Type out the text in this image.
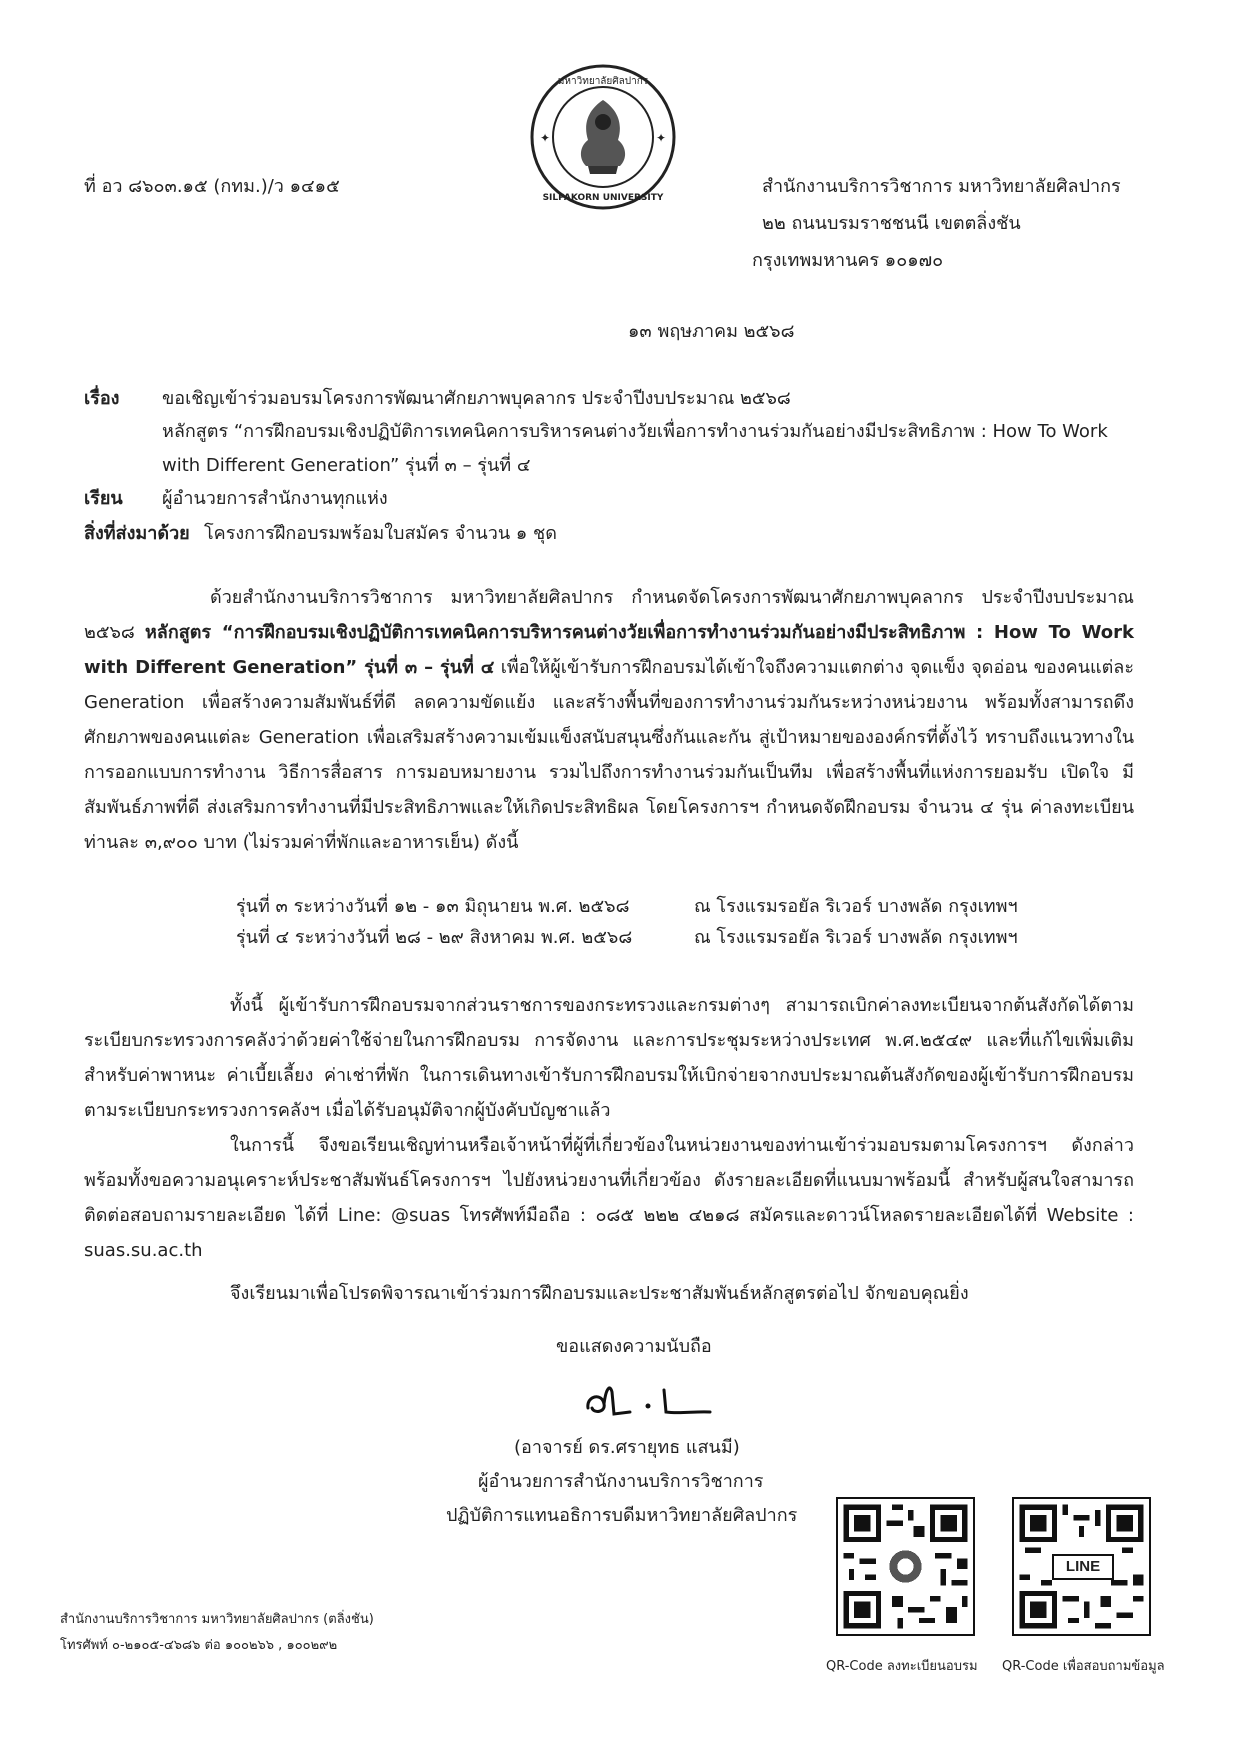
มหาวิทยาลัยศิลปากร
SILPAKORN UNIVERSITY
✦	✦
ที่ อว ๘๖๐๓.๑๕ (กทม.)/ว ๑๔๑๕	สำนักงานบริการวิชาการ มหาวิทยาลัยศิลปากร
๒๒ ถนนบรมราชชนนี เขตตลิ่งชัน
กรุงเทพมหานคร ๑๐๑๗๐
๑๓ พฤษภาคม ๒๕๖๘
เรื่อง ขอเชิญเข้าร่วมอบรมโครงการพัฒนาศักยภาพบุคลากร ประจำปีงบประมาณ ๒๕๖๘
หลักสูตร “การฝึกอบรมเชิงปฏิบัติการเทคนิคการบริหารคนต่างวัยเพื่อการทำงานร่วมกันอย่างมีประสิทธิภาพ : How To Work
with Different Generation” รุ่นที่ ๓ – รุ่นที่ ๔
เรียน ผู้อำนวยการสำนักงานทุกแห่ง
สิ่งที่ส่งมาด้วย โครงการฝึกอบรมพร้อมใบสมัคร จำนวน ๑ ชุด

ด้วยสำนักงานบริการวิชาการ มหาวิทยาลัยศิลปากร กำหนดจัดโครงการพัฒนาศักยภาพบุคลากร ประจำปีงบประมาณ ๒๕๖๘ หลักสูตร “การฝึกอบรมเชิงปฏิบัติการเทคนิคการบริหารคนต่างวัยเพื่อการทำงานร่วมกันอย่างมีประสิทธิภาพ : How To Work with Different Generation” รุ่นที่ ๓ – รุ่นที่ ๔ เพื่อให้ผู้เข้ารับการฝึกอบรมได้เข้าใจถึงความแตกต่าง จุดแข็ง จุดอ่อน ของคนแต่ละ Generation เพื่อสร้างความสัมพันธ์ที่ดี ลดความขัดแย้ง และสร้างพื้นที่ของการทำงานร่วมกันระหว่างหน่วยงาน พร้อมทั้งสามารถดึงศักยภาพของคนแต่ละ Generation เพื่อเสริมสร้างความเข้มแข็งสนับสนุนซึ่งกันและกัน สู่เป้าหมายขององค์กรที่ตั้งไว้ ทราบถึงแนวทางในการออกแบบการทำงาน วิธีการสื่อสาร การมอบหมายงาน รวมไปถึงการทำงานร่วมกันเป็นทีม เพื่อสร้างพื้นที่แห่งการยอมรับ เปิดใจ มีสัมพันธ์ภาพที่ดี ส่งเสริมการทำงานที่มีประสิทธิภาพและให้เกิดประสิทธิผล โดยโครงการฯ กำหนดจัดฝึกอบรม จำนวน ๔ รุ่น ค่าลงทะเบียน ท่านละ ๓,๙๐๐ บาท (ไม่รวมค่าที่พักและอาหารเย็น) ดังนี้

รุ่นที่ ๓ ระหว่างวันที่ ๑๒ - ๑๓ มิถุนายน พ.ศ. ๒๕๖๘	ณ โรงแรมรอยัล ริเวอร์ บางพลัด กรุงเทพฯ
รุ่นที่ ๔ ระหว่างวันที่ ๒๘ - ๒๙ สิงหาคม พ.ศ. ๒๕๖๘	ณ โรงแรมรอยัล ริเวอร์ บางพลัด กรุงเทพฯ

ทั้งนี้ ผู้เข้ารับการฝึกอบรมจากส่วนราชการของกระทรวงและกรมต่างๆ สามารถเบิกค่าลงทะเบียนจากต้นสังกัดได้ตามระเบียบกระทรวงการคลังว่าด้วยค่าใช้จ่ายในการฝึกอบรม การจัดงาน และการประชุมระหว่างประเทศ พ.ศ.๒๕๔๙ และที่แก้ไขเพิ่มเติม สำหรับค่าพาหนะ ค่าเบี้ยเลี้ยง ค่าเช่าที่พัก ในการเดินทางเข้ารับการฝึกอบรมให้เบิกจ่ายจากงบประมาณต้นสังกัดของผู้เข้ารับการฝึกอบรมตามระเบียบกระทรวงการคลังฯ เมื่อได้รับอนุมัติจากผู้บังคับบัญชาแล้ว

ในการนี้ จึงขอเรียนเชิญท่านหรือเจ้าหน้าที่ผู้ที่เกี่ยวข้องในหน่วยงานของท่านเข้าร่วมอบรมตามโครงการฯ ดังกล่าว พร้อมทั้งขอความอนุเคราะห์ประชาสัมพันธ์โครงการฯ ไปยังหน่วยงานที่เกี่ยวข้อง ดังรายละเอียดที่แนบมาพร้อมนี้ สำหรับผู้สนใจสามารถติดต่อสอบถามรายละเอียด ได้ที่ Line: @suas โทรศัพท์มือถือ : ๐๘๕ ๒๒๒ ๔๒๑๘ สมัครและดาวน์โหลดรายละเอียดได้ที่ Website : suas.su.ac.th

จึงเรียนมาเพื่อโปรดพิจารณาเข้าร่วมการฝึกอบรมและประชาสัมพันธ์หลักสูตรต่อไป จักขอบคุณยิ่ง
ขอแสดงความนับถือ
(อาจารย์ ดร.ศรายุทธ แสนมี)
ผู้อำนวยการสำนักงานบริการวิชาการ
ปฏิบัติการแทนอธิการบดีมหาวิทยาลัยศิลปากร
สำนักงานบริการวิชาการ มหาวิทยาลัยศิลปากร (ตลิ่งชัน)
โทรศัพท์ ๐-๒๑๐๕-๔๖๘๖ ต่อ ๑๐๐๒๖๖ , ๑๐๐๒๙๒
QR-Code ลงทะเบียนอบรม
LINE
QR-Code เพื่อสอบถามข้อมูล
